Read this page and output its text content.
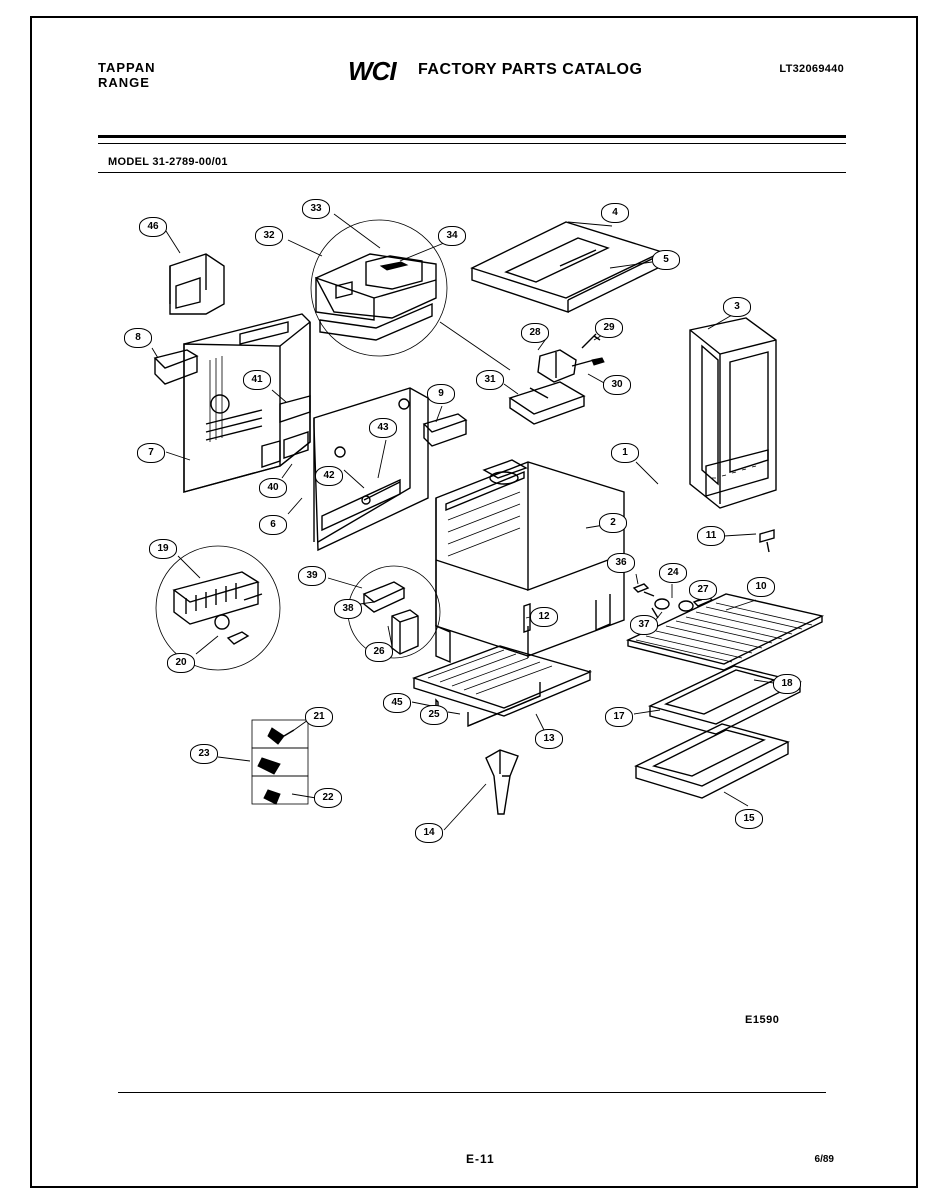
TAPPAN
RANGE	WCI FACTORY PARTS CATALOG	LT32069440
MODEL 31-2789-00/01
E1590
E-11	6/89
1
2
3
4
5
6
7
8
9
10
11
12
13
14
15
17
18
19
20
21
22
23
24
25
26
27
28	29
30
31
32
33
34
36
37
38
39
40
41
42
43
45
46
